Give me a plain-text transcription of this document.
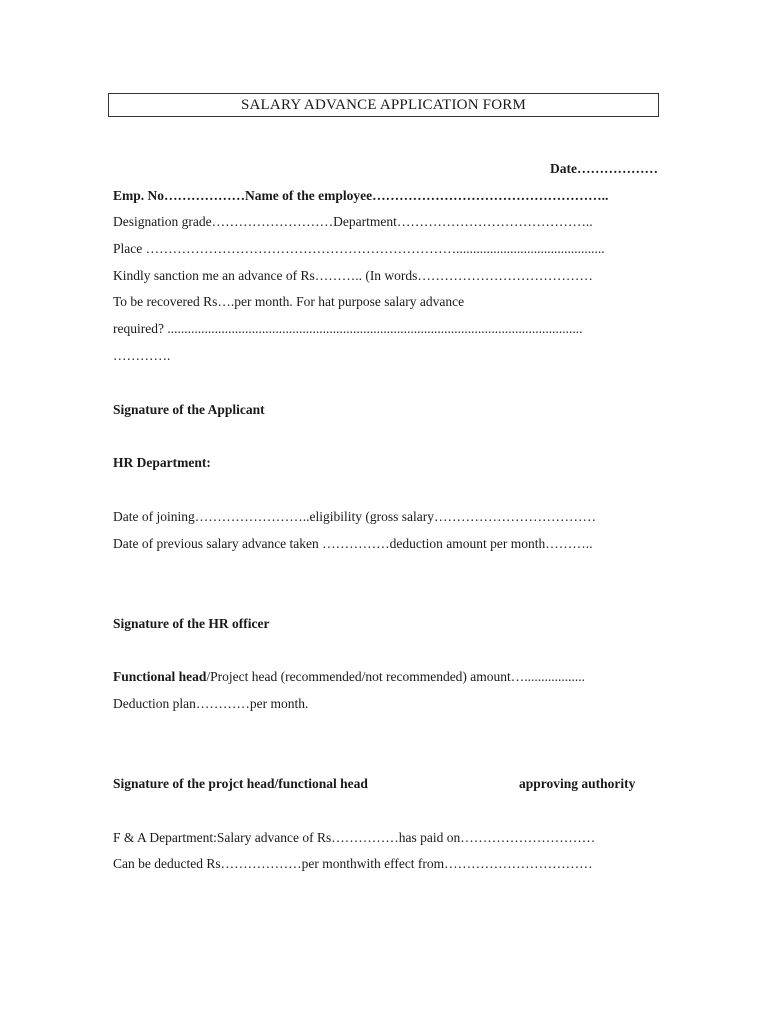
SALARY ADVANCE APPLICATION FORM
Date………………
Emp. No………………Name of the employee……………………………………………..
Designation grade………………………Department……………………………………..
Place ……………………………………………………………............................................
Kindly sanction me an advance of Rs……….. (In words…………………………………
To be recovered Rs….per month. For hat purpose salary advance
required? ...........................................................................................................................
………….
Signature of the Applicant
HR Department:
Date of joining……………………..eligibility (gross salary………………………………
Date of previous salary advance taken ……………deduction amount per month………..
Signature of the HR officer
Functional head/Project head (recommended/not recommended) amount…..................
Deduction plan…………per month.
Signature of the projct head/functional head	approving authority
F & A Department:Salary advance of Rs……………has paid on…………………………
Can be deducted Rs………………per monthwith effect from……………………………
